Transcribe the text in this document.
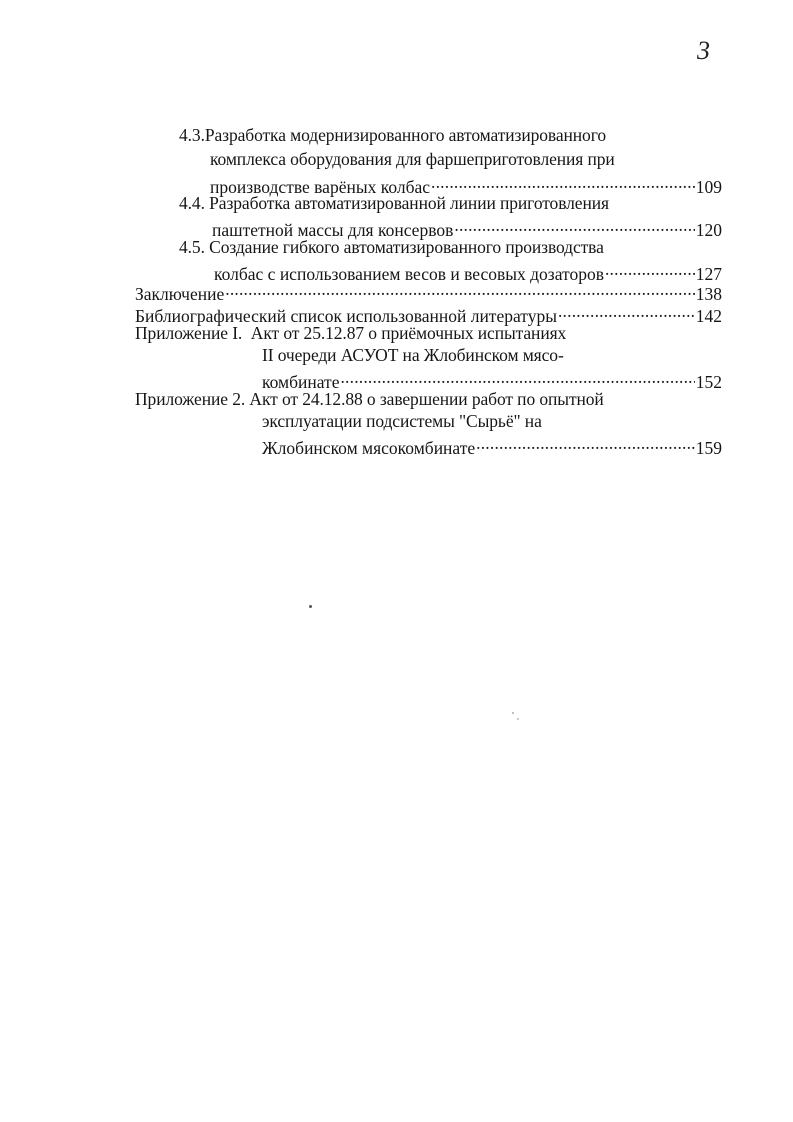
3
4.3.Разработка модернизированного автоматизированного
комплекса оборудования для фаршеприготовления при
производстве варёных колбас .....	109
4.4. Разработка автоматизированной линии приготовления
паштетной массы для консервов .....	120
4.5. Создание гибкого автоматизированного производства
колбас с использованием весов и весовых дозаторов .....	127
Заключение .....	138
Библиографический список использованной литературы .....	142
Приложение I. Акт от 25.12.87 о приёмочных испытаниях
II очереди АСУОТ на Жлобинском мясо-
комбинате .....	152
Приложение 2. Акт от 24.12.88 о завершении работ по опытной
эксплуатации подсистемы "Сырьё" на
Жлобинском мясокомбинате .....	159
